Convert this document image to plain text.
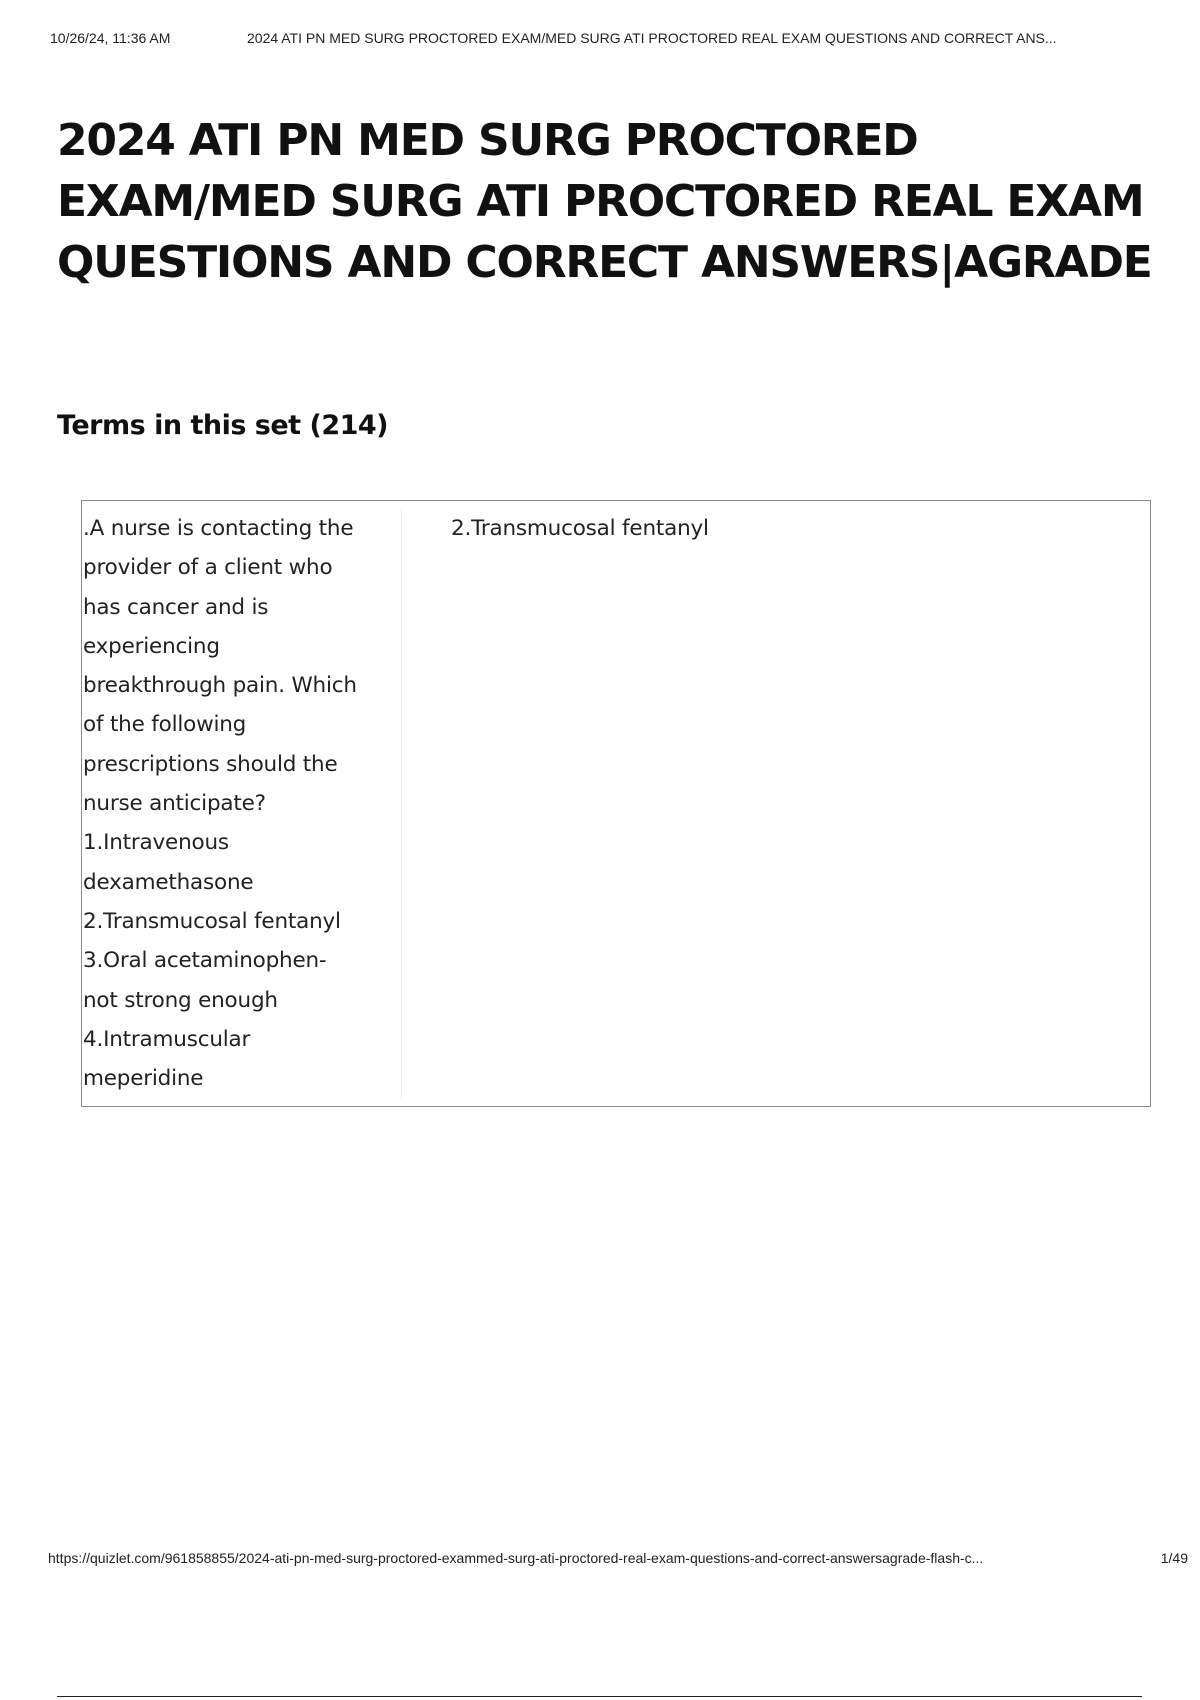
10/26/24, 11:36 AM	2024 ATI PN MED SURG PROCTORED EXAM/MED SURG ATI PROCTORED REAL EXAM QUESTIONS AND CORRECT ANS...
2024 ATI PN MED SURG PROCTORED EXAM/MED SURG ATI PROCTORED REAL EXAM QUESTIONS AND CORRECT ANSWERS|AGRADE
Terms in this set (214)
.A nurse is contacting the
provider of a client who
has cancer and is
experiencing
breakthrough pain. Which
of the following
prescriptions should the
nurse anticipate?
1.Intravenous
dexamethasone
2.Transmucosal fentanyl
3.Oral acetaminophen-
not strong enough
4.Intramuscular
meperidine
2.Transmucosal fentanyl
https://quizlet.com/961858855/2024-ati-pn-med-surg-proctored-exammed-surg-ati-proctored-real-exam-questions-and-correct-answersagrade-flash-c...	1/49
